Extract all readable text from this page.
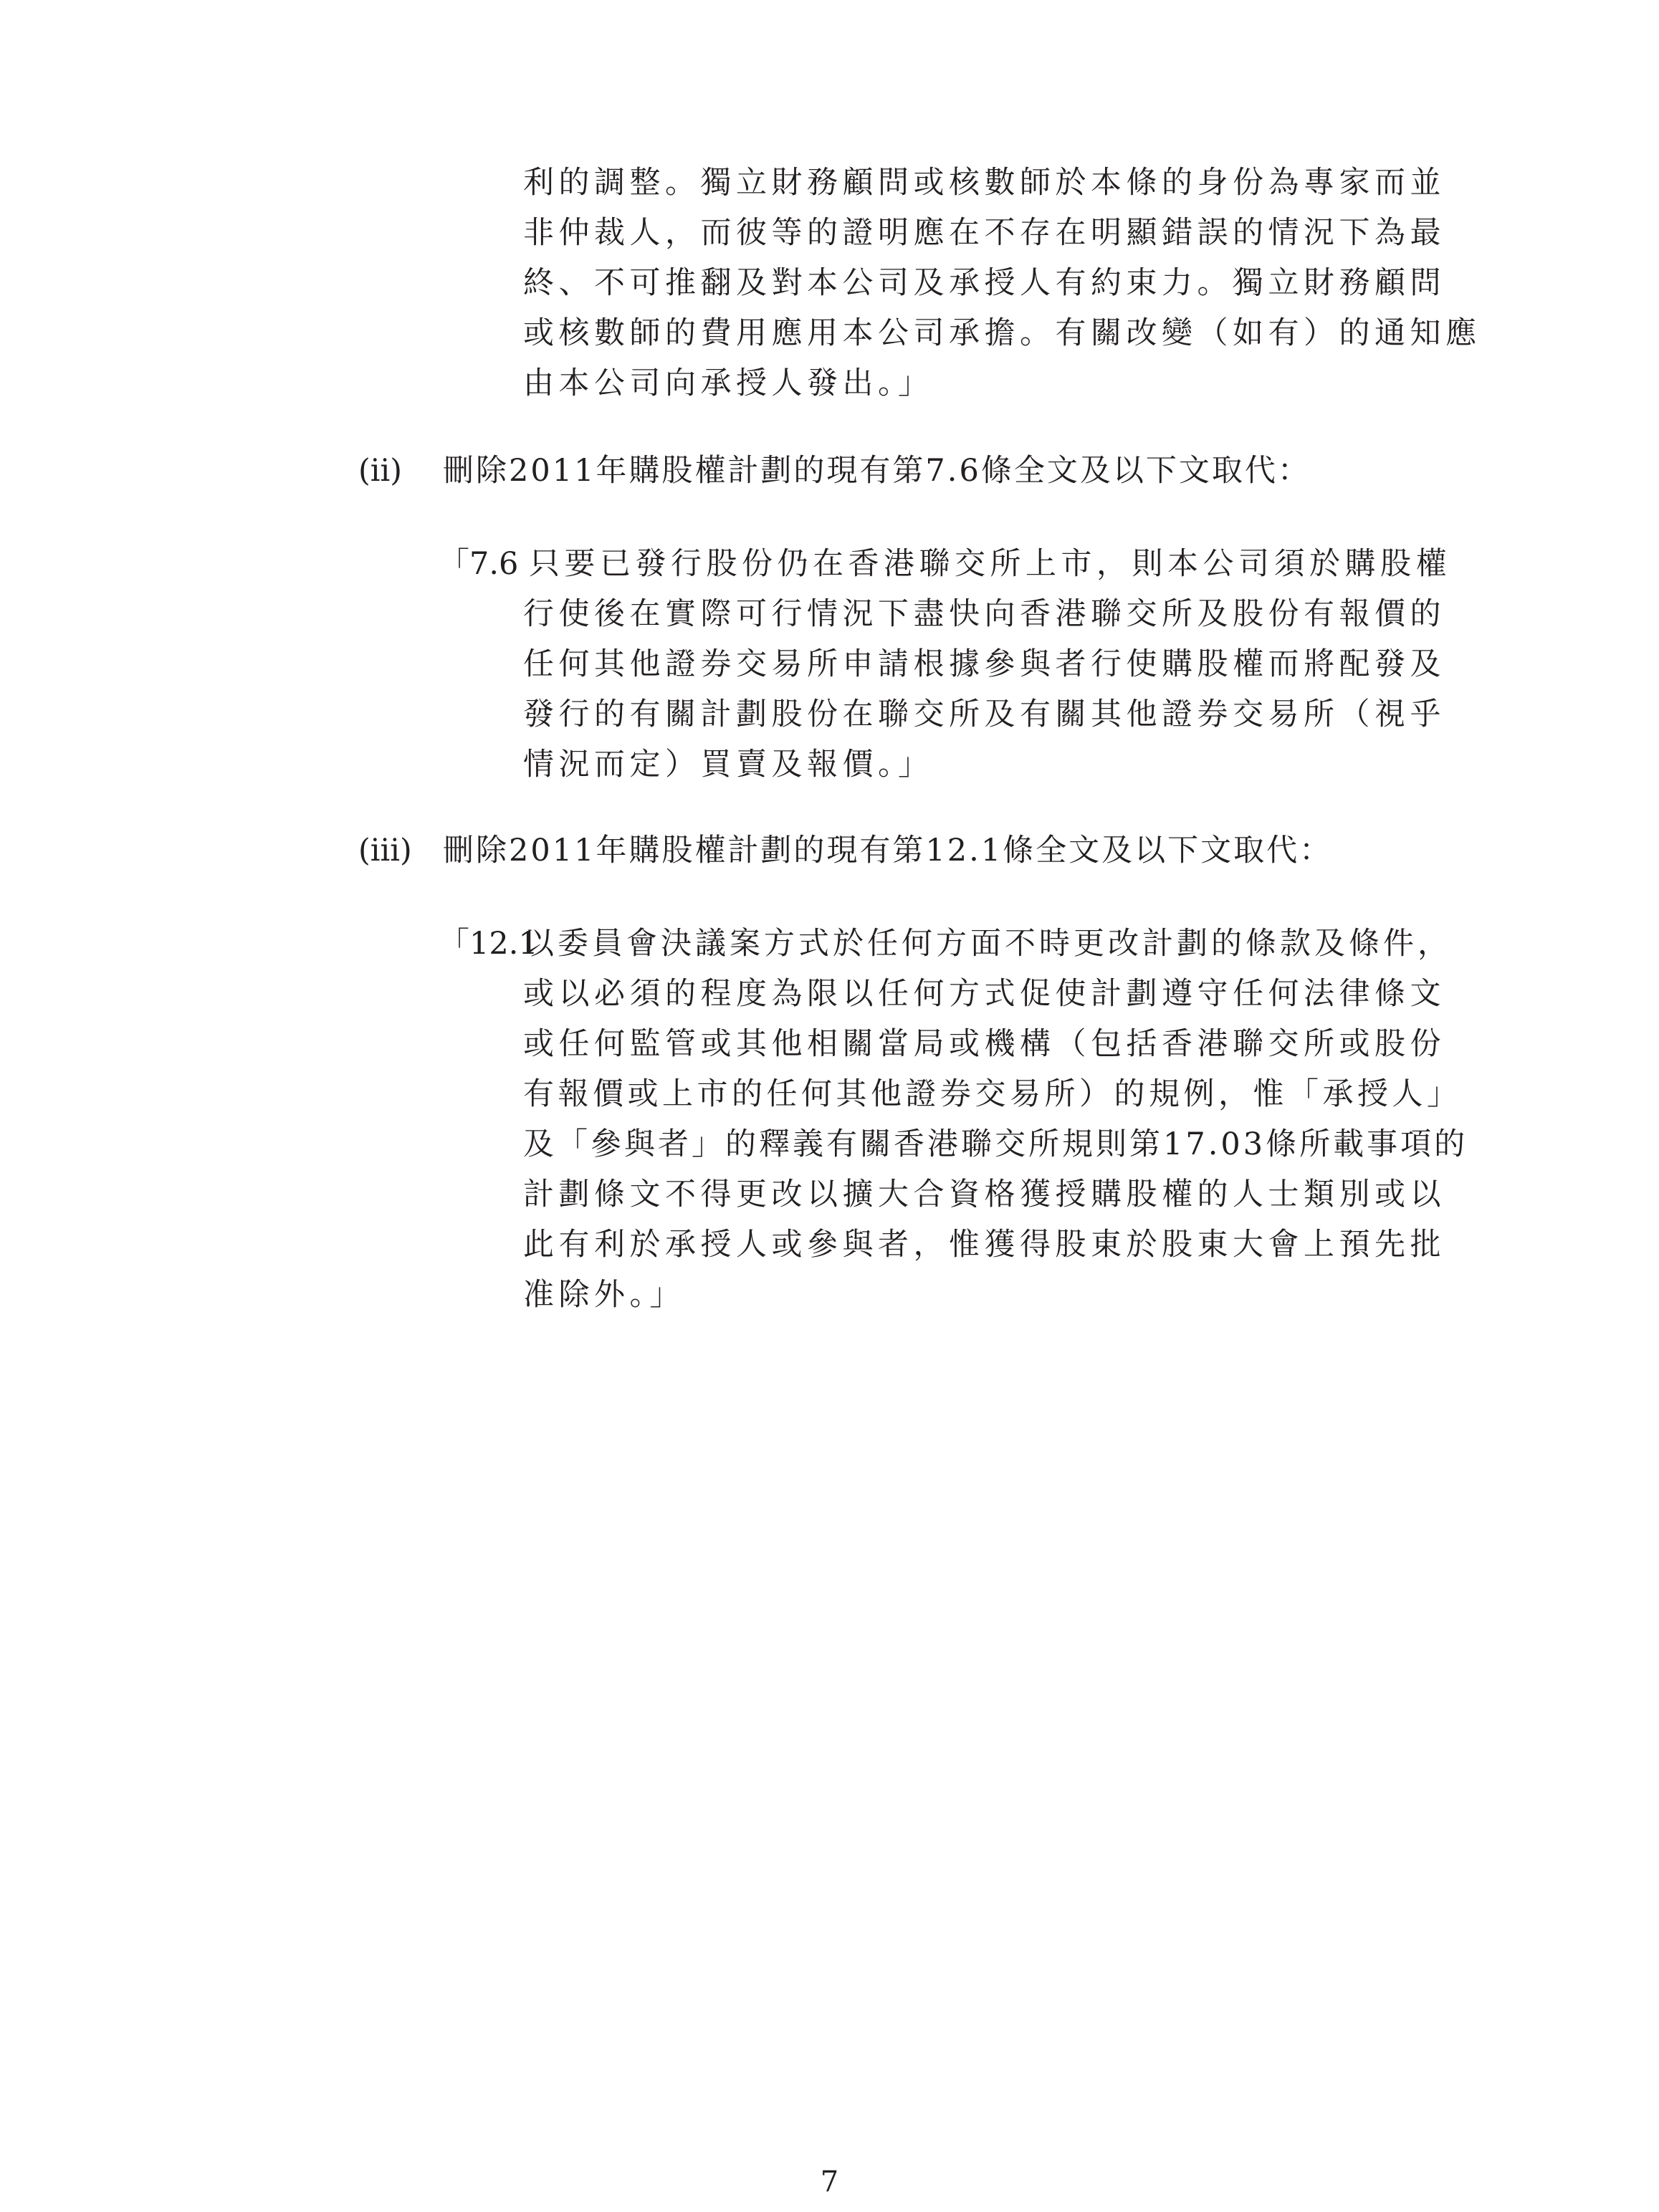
利的調整。獨立財務顧問或核數師於本條的身份為專家而並
非仲裁人，而彼等的證明應在不存在明顯錯誤的情況下為最
終、不可推翻及對本公司及承授人有約束力。獨立財務顧問
或核數師的費用應用本公司承擔。有關改變（如有）的通知應
由本公司向承授人發出。」
(ii) 刪除2011年購股權計劃的現有第7.6條全文及以下文取代：
「7.6 只要已發行股份仍在香港聯交所上市，則本公司須於購股權
行使後在實際可行情況下盡快向香港聯交所及股份有報價的
任何其他證券交易所申請根據參與者行使購股權而將配發及
發行的有關計劃股份在聯交所及有關其他證券交易所（視乎
情況而定）買賣及報價。」
(iii) 刪除2011年購股權計劃的現有第12.1條全文及以下文取代：
「12.1
以委員會決議案方式於任何方面不時更改計劃的條款及條件，
或以必須的程度為限以任何方式促使計劃遵守任何法律條文
或任何監管或其他相關當局或機構（包括香港聯交所或股份
有報價或上市的任何其他證券交易所）的規例，惟「承授人」
及「參與者」的釋義有關香港聯交所規則第17.03條所載事項的
計劃條文不得更改以擴大合資格獲授購股權的人士類別或以
此有利於承授人或參與者，惟獲得股東於股東大會上預先批
准除外。」
7
